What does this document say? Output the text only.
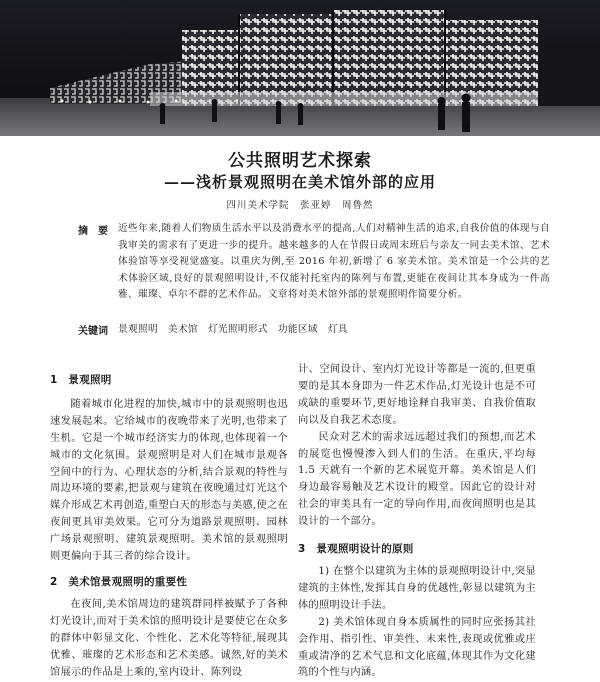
公共照明艺术探索
——浅析景观照明在美术馆外部的应用
四川美术学院　张亚婷　周鲁然
摘　要 近些年来,随着人们物质生活水平以及消费水平的提高,人们对精神生活的追求,自我价值的体现与自我审美的需求有了更进一步的提升。越来越多的人在节假日或周末班后与亲友一同去美术馆、艺术体验馆等享受视觉盛宴。以重庆为例,至 2016 年初,新增了 6 家美术馆。美术馆是一个公共的艺术体验区域,良好的景观照明设计,不仅能衬托室内的陈列与布置,更能在夜间让其本身成为一件高雅、璀璨、卓尔不群的艺术作品。文章将对美术馆外部的景观照明作简要分析。
关键词 景观照明　美术馆　灯光照明形式　功能区域　灯具
1　景观照明

随着城市化进程的加快,城市中的景观照明也迅速发展起来。它给城市的夜晚带来了光明,也带来了生机。它是一个城市经济实力的体现,也体现着一个城市的文化氛围。景观照明是对人们在城市景观各空间中的行为、心理状态的分析,结合景观的特性与周边环境的要素,把景观与建筑在夜晚通过灯光这个媒介形成艺术再创造,重塑白天的形态与美感,使之在夜间更具审美效果。它可分为道路景观照明、园林广场景观照明、建筑景观照明。美术馆的景观照明则更偏向于其三者的综合设计。

2　美术馆景观照明的重要性

在夜间,美术馆周边的建筑群同样被赋予了各种灯光设计,而对于美术馆的照明设计是要使它在众多的群体中彰显文化、个性化、艺术化等特征,展现其优雅、璀璨的艺术形态和艺术美感。诚然,好的美术馆展示的作品是上乘的,室内设计、陈列设

计、空间设计、室内灯光设计等都是一流的,但更重要的是其本身即为一件艺术作品,灯光设计也是不可或缺的重要环节,更好地诠释自我审美、自我价值取向以及自我艺术态度。

民众对艺术的需求远远超过我们的预想,而艺术的展览也慢慢渗入到人们的生活。在重庆,平均每 1.5 天就有一个新的艺术展览开幕。美术馆是人们身边最容易触及艺术设计的殿堂。因此它的设计对社会的审美具有一定的导向作用,而夜间照明也是其设计的一个部分。

3　景观照明设计的原则

1) 在整个以建筑为主体的景观照明设计中,突显建筑的主体性,发挥其自身的优越性,彰显以建筑为主体的照明设计手法。

2) 美术馆体现自身本质属性的同时应张扬其社会作用、指引性、审美性、未来性,表现或优雅或庄重或清净的艺术气息和文化底蕴,体现其作为文化建筑的个性与内涵。
